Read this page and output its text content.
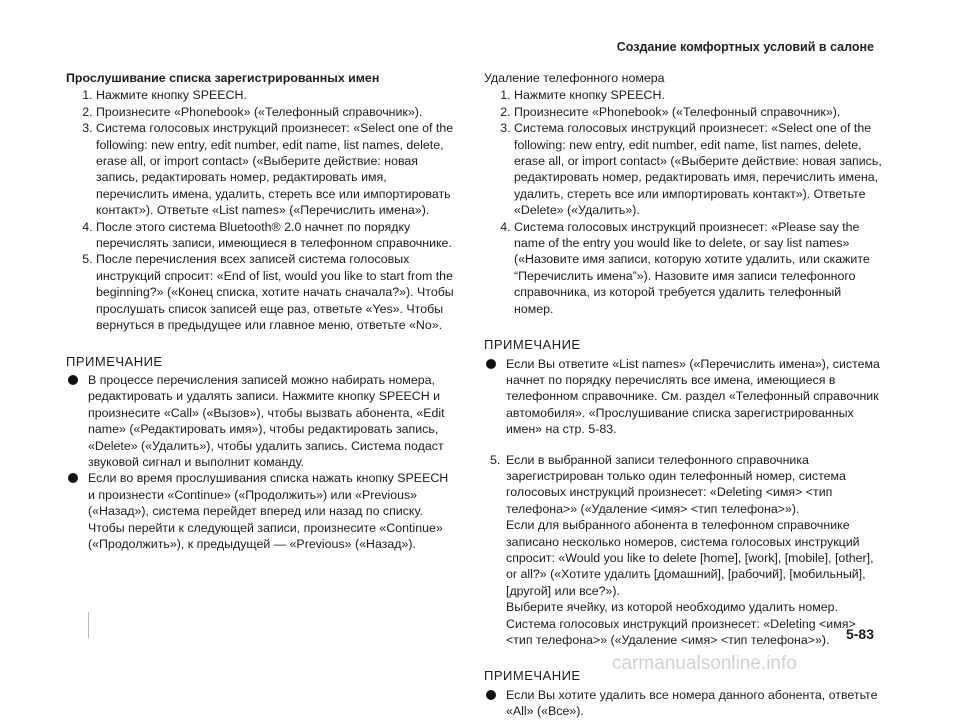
Создание комфортных условий в салоне
Прослушивание списка зарегистрированных имен
1. Нажмите кнопку SPEECH.
2. Произнесите «Phonebook» («Телефонный справочник»).
3. Система голосовых инструкций произнесет: «Select one of the following: new entry, edit number, edit name, list names, delete, erase all, or import contact» («Выберите действие: новая запись, редактировать номер, редактировать имя, перечислить имена, удалить, стереть все или импортировать контакт»). Ответьте «List names» («Перечислить имена»).
4. После этого система Bluetooth® 2.0 начнет по порядку перечислять записи, имеющиеся в телефонном справочнике.
5. После перечисления всех записей система голосовых инструкций спросит: «End of list, would you like to start from the beginning?» («Конец списка, хотите начать сначала?»). Чтобы прослушать список записей еще раз, ответьте «Yes». Чтобы вернуться в предыдущее или главное меню, ответьте «No».
ПРИМЕЧАНИЕ
В процессе перечисления записей можно набирать номера, редактировать и удалять записи. Нажмите кнопку SPEECH и произнесите «Call» («Вызов»), чтобы вызвать абонента, «Edit name» («Редактировать имя»), чтобы редактировать запись, «Delete» («Удалить»), чтобы удалить запись. Система подаст звуковой сигнал и выполнит команду.
Если во время прослушивания списка нажать кнопку SPEECH и произнести «Continue» («Продолжить») или «Previous» («Назад»), система перейдет вперед или назад по списку. Чтобы перейти к следующей записи, произнесите «Continue» («Продолжить»), к предыдущей — «Previous» («Назад»).
Удаление телефонного номера
1. Нажмите кнопку SPEECH.
2. Произнесите «Phonebook» («Телефонный справочник»).
3. Система голосовых инструкций произнесет: «Select one of the following: new entry, edit number, edit name, list names, delete, erase all, or import contact» («Выберите действие: новая запись, редактировать номер, редактировать имя, перечислить имена, удалить, стереть все или импортировать контакт»). Ответьте «Delete» («Удалить»).
4. Система голосовых инструкций произнесет: «Please say the name of the entry you would like to delete, or say list names» («Назовите имя записи, которую хотите удалить, или скажите “Перечислить имена”»). Назовите имя записи телефонного справочника, из которой требуется удалить телефонный номер.
ПРИМЕЧАНИЕ
Если Вы ответите «List names» («Перечислить имена»), система начнет по порядку перечислять все имена, имеющиеся в телефонном справочнике. См. раздел «Телефонный справочник автомобиля». «Прослушивание списка зарегистрированных имен» на стр. 5-83.
5. Если в выбранной записи телефонного справочника зарегистрирован только один телефонный номер, система голосовых инструкций произнесет: «Deleting <имя> <тип телефона>» («Удаление <имя> <тип телефона>»).
Если для выбранного абонента в телефонном справочнике записано несколько номеров, система голосовых инструкций спросит: «Would you like to delete [home], [work], [mobile], [other], or all?» («Хотите удалить [домашний], [рабочий], [мобильный], [другой] или все?»).
Выберите ячейку, из которой необходимо удалить номер. Система голосовых инструкций произнесет: «Deleting <имя> <тип телефона>» («Удаление <имя> <тип телефона>»).
ПРИМЕЧАНИЕ
Если Вы хотите удалить все номера данного абонента, ответьте «All» («Все»).
5-83
carmanualsonline.info
